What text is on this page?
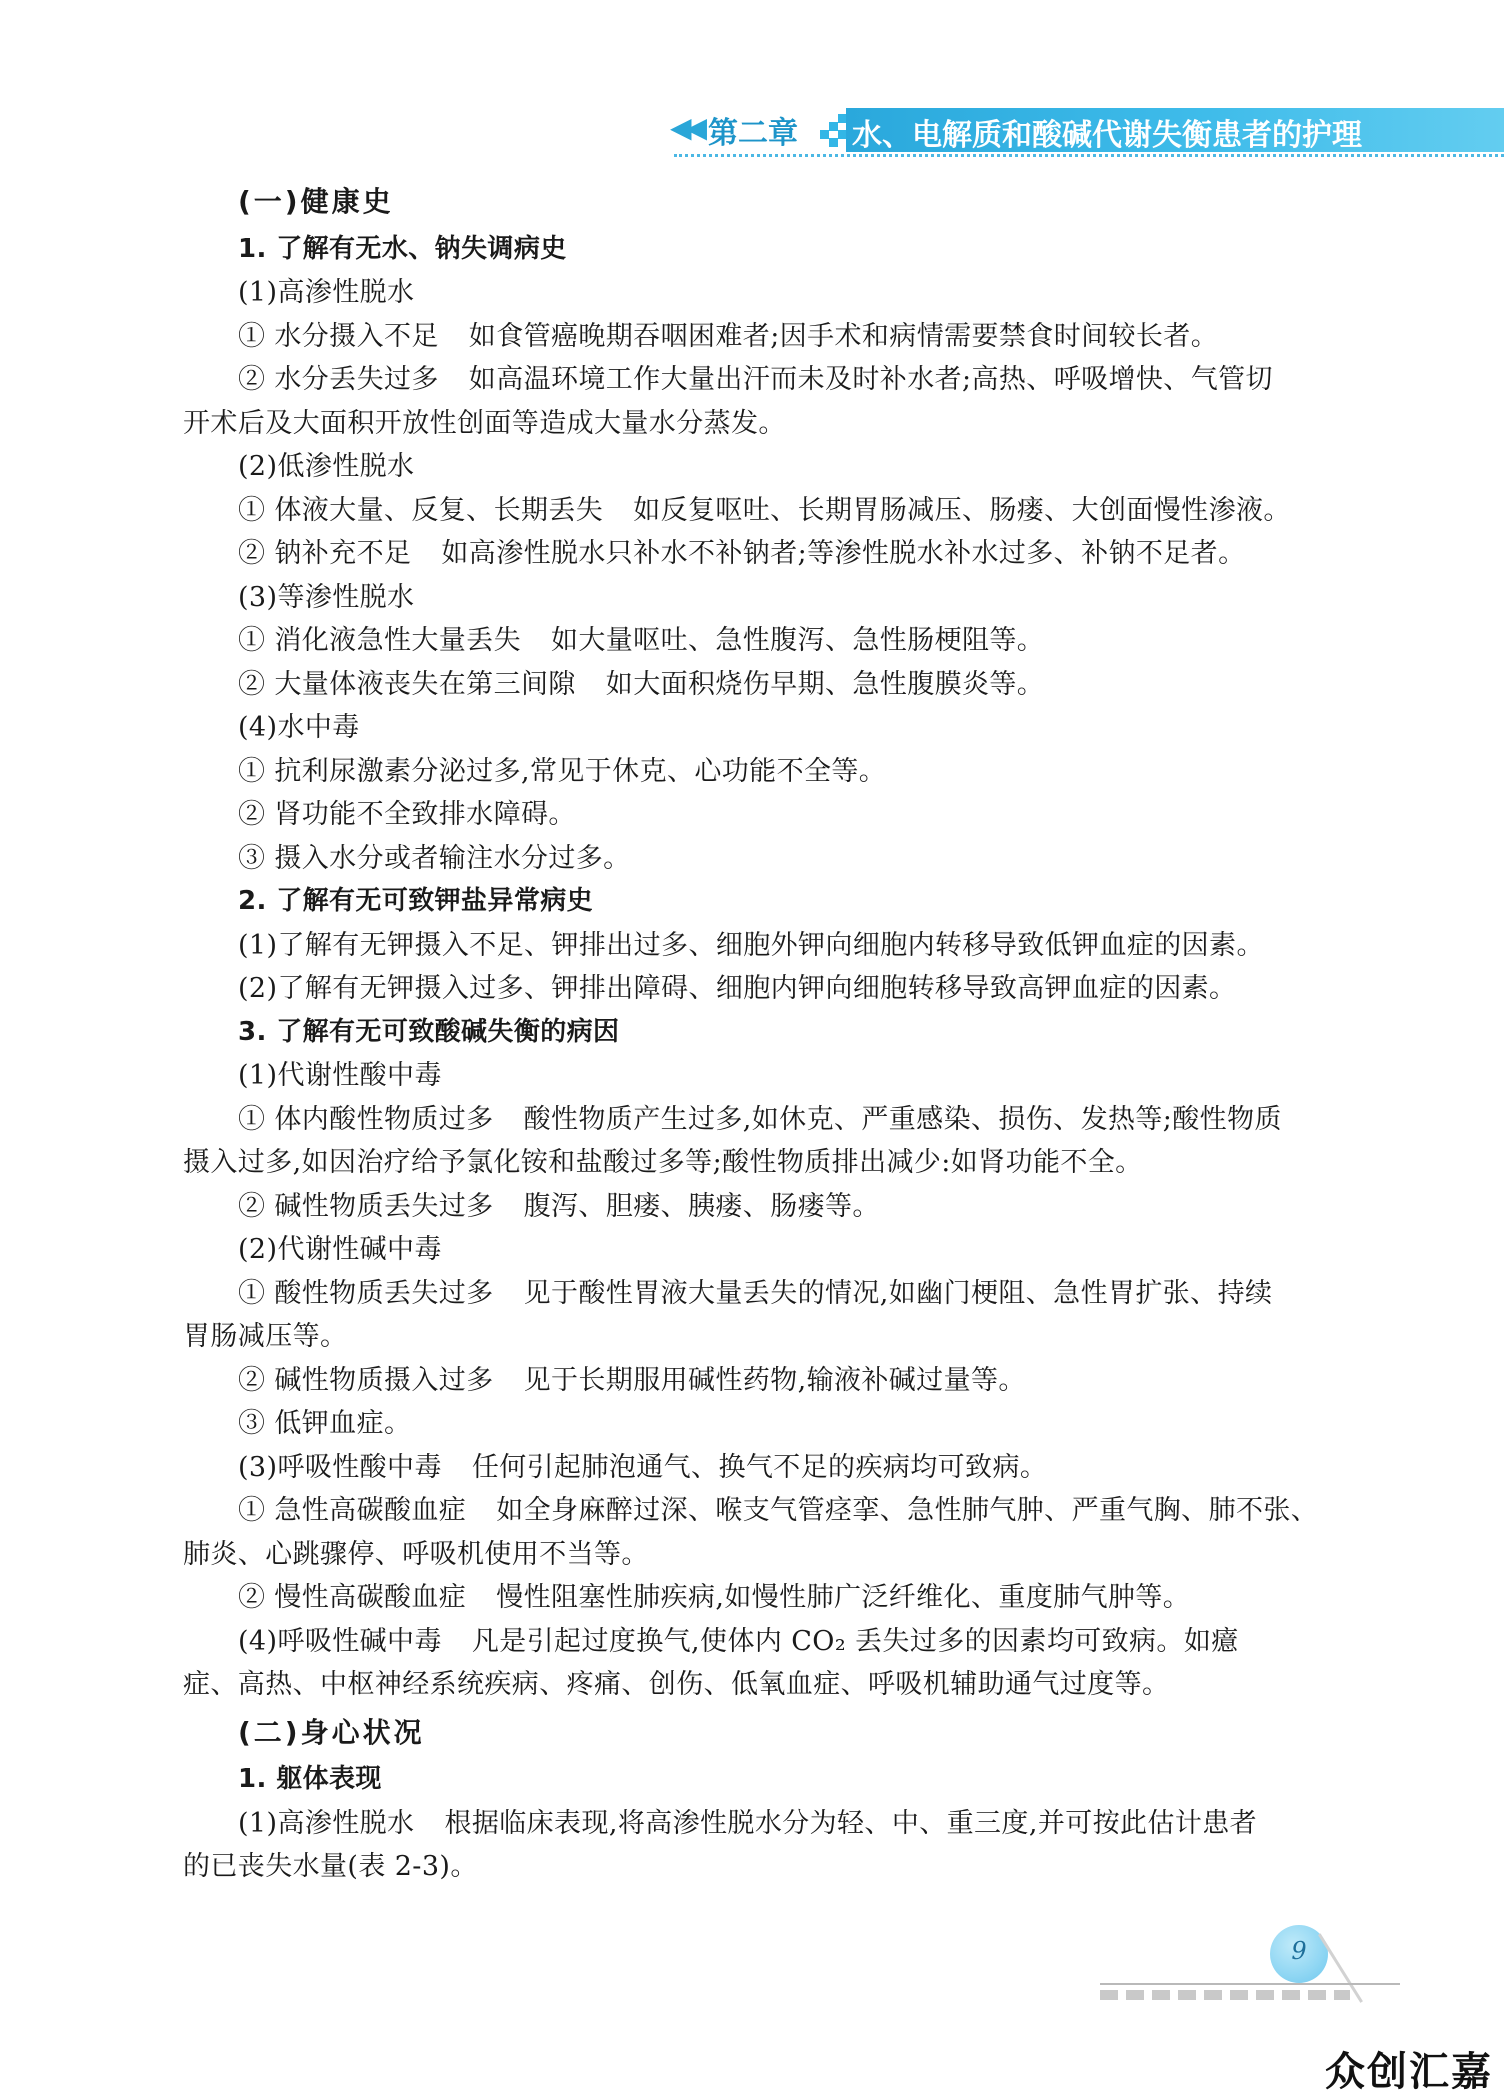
◀◀ 第二章 水、电解质和酸碱代谢失衡患者的护理
(一)健康史
1. 了解有无水、钠失调病史
(1)高渗性脱水
① 水分摄入不足 如食管癌晚期吞咽困难者;因手术和病情需要禁食时间较长者。
② 水分丢失过多 如高温环境工作大量出汗而未及时补水者;高热、呼吸增快、气管切
开术后及大面积开放性创面等造成大量水分蒸发。
(2)低渗性脱水
① 体液大量、反复、长期丢失 如反复呕吐、长期胃肠减压、肠瘘、大创面慢性渗液。
② 钠补充不足 如高渗性脱水只补水不补钠者;等渗性脱水补水过多、补钠不足者。
(3)等渗性脱水
① 消化液急性大量丢失 如大量呕吐、急性腹泻、急性肠梗阻等。
② 大量体液丧失在第三间隙 如大面积烧伤早期、急性腹膜炎等。
(4)水中毒
① 抗利尿激素分泌过多,常见于休克、心功能不全等。
② 肾功能不全致排水障碍。
③ 摄入水分或者输注水分过多。
2. 了解有无可致钾盐异常病史
(1)了解有无钾摄入不足、钾排出过多、细胞外钾向细胞内转移导致低钾血症的因素。
(2)了解有无钾摄入过多、钾排出障碍、细胞内钾向细胞转移导致高钾血症的因素。
3. 了解有无可致酸碱失衡的病因
(1)代谢性酸中毒
① 体内酸性物质过多 酸性物质产生过多,如休克、严重感染、损伤、发热等;酸性物质
摄入过多,如因治疗给予氯化铵和盐酸过多等;酸性物质排出减少:如肾功能不全。
② 碱性物质丢失过多 腹泻、胆瘘、胰瘘、肠瘘等。
(2)代谢性碱中毒
① 酸性物质丢失过多 见于酸性胃液大量丢失的情况,如幽门梗阻、急性胃扩张、持续
胃肠减压等。
② 碱性物质摄入过多 见于长期服用碱性药物,输液补碱过量等。
③ 低钾血症。
(3)呼吸性酸中毒 任何引起肺泡通气、换气不足的疾病均可致病。
① 急性高碳酸血症 如全身麻醉过深、喉支气管痉挛、急性肺气肿、严重气胸、肺不张、
肺炎、心跳骤停、呼吸机使用不当等。
② 慢性高碳酸血症 慢性阻塞性肺疾病,如慢性肺广泛纤维化、重度肺气肿等。
(4)呼吸性碱中毒 凡是引起过度换气,使体内 CO₂ 丢失过多的因素均可致病。如癔
症、高热、中枢神经系统疾病、疼痛、创伤、低氧血症、呼吸机辅助通气过度等。
(二)身心状况
1. 躯体表现
(1)高渗性脱水 根据临床表现,将高渗性脱水分为轻、中、重三度,并可按此估计患者
的已丧失水量(表 2-3)。
9
众创汇嘉
